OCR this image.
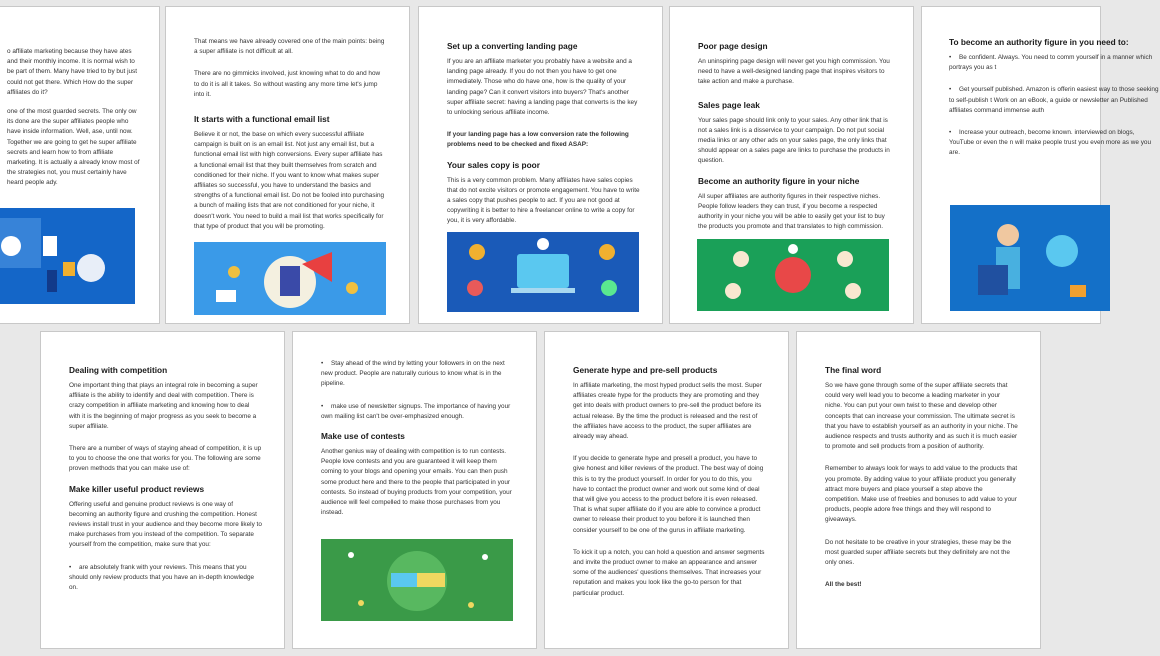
o affiliate marketing because they have ates and their monthly income. It is normal wish to be part of them. Many have tried to by but just could not get there. Which How do the super affiliates do it?

one of the most guarded secrets. The only ow its done are the super affiliates people who have inside information. Well, ase, until now. Together we are going to get he super affiliate secrets and learn how to from affiliate marketing. It is actually a already know most of the strategies not, you must certainly have heard people ady.

That means we have already covered one of the main points: being a super affiliate is not difficult at all.

There are no gimmicks involved, just knowing what to do and how to do it is all it takes. So without wasting any more time let's jump into it.

It starts with a functional email list

Believe it or not, the base on which every successful affiliate campaign is built on is an email list. Not just any email list, but a functional email list with high conversions. Every super affiliate has a functional email list that they built themselves from scratch and conditioned for their niche. If you want to know what makes super affiliates so successful, you have to understand the basics and strengths of a functional email list. Do not be fooled into purchasing a bunch of mailing lists that are not conditioned for your niche, it doesn't work. You need to build a mail list that works specifically for that type of product that you will be promoting.

Set up a converting landing page

If you are an affiliate marketer you probably have a website and a landing page already. If you do not then you have to get one immediately. Those who do have one, how is the quality of your landing page? Can it convert visitors into buyers? That's another super affiliate secret: having a landing page that converts is the key to unlocking serious affiliate income.

If your landing page has a low conversion rate the following problems need to be checked and fixed ASAP:

Your sales copy is poor

This is a very common problem. Many affiliates have sales copies that do not excite visitors or promote engagement. You have to write a sales copy that pushes people to act. If you are not good at copywriting it is better to hire a freelancer online to write a copy for you, it is very affordable.

Poor page design

An uninspiring page design will never get you high commission. You need to have a well-designed landing page that inspires visitors to take action and make a purchase.

Sales page leak

Your sales page should link only to your sales. Any other link that is not a sales link is a disservice to your campaign. Do not put social media links or any other ads on your sales page, the only links that should appear on a sales page are links to purchase the products in question.

Become an authority figure in your niche

All super affiliates are authority figures in their respective niches. People follow leaders they can trust, if you become a respected authority in your niche you will be able to easily get your list to buy the products you promote and that translates to high commission.

To become an authority figure in you need to:

• Be confident. Always. You need to comm yourself in a manner which portrays you as t

• Get yourself published. Amazon is offerin easiest way to those seeking to self-publish t Work on an eBook, a guide or newsletter an Published affiliates command immense auth

• Increase your outreach, become known. interviewed on blogs, YouTube or even the n will make people trust you even more as we you are.

Dealing with competition

One important thing that plays an integral role in becoming a super affiliate is the ability to identify and deal with competition. There is crazy competition in affiliate marketing and knowing how to deal with it is the beginning of major progress as you seek to become a super affiliate.

There are a number of ways of staying ahead of competition, it is up to you to choose the one that works for you. The following are some proven methods that you can make use of:

Make killer useful product reviews

Offering useful and genuine product reviews is one way of becoming an authority figure and crushing the competition. Honest reviews install trust in your audience and they become more likely to make purchases from you instead of the competition. To separate yourself from the competition, make sure that you:

• are absolutely frank with your reviews. This means that you should only review products that you have an in-depth knowledge on.

• Stay ahead of the wind by letting your followers in on the next new product. People are naturally curious to know what is in the pipeline.

• make use of newsletter signups. The importance of having your own mailing list can't be over-emphasized enough.

Make use of contests

Another genius way of dealing with competition is to run contests. People love contests and you are guaranteed it will keep them coming to your blogs and opening your emails. You can then push some product here and there to the people that participated in your contests. So instead of buying products from your competition, your audience will feel compelled to make those purchases from you instead.

Generate hype and pre-sell products

In affiliate marketing, the most hyped product sells the most. Super affiliates create hype for the products they are promoting and they get into deals with product owners to pre-sell the product before its actual release. By the time the product is released and the rest of the affiliates have access to the product, the super affiliates are already way ahead.

If you decide to generate hype and presell a product, you have to give honest and killer reviews of the product. The best way of doing this is to try the product yourself. In order for you to do this, you have to contact the product owner and work out some kind of deal that will give you access to the product before it is even released. That is what super affiliate do if you are able to convince a product owner to release their product to you before it is launched then consider yourself to be one of the gurus in affiliate marketing.

To kick it up a notch, you can hold a question and answer segments and invite the product owner to make an appearance and answer some of the audiences' questions themselves. That increases your reputation and makes you look like the go-to person for that particular product.

The final word

So we have gone through some of the super affiliate secrets that could very well lead you to become a leading marketer in your niche. You can put your own twist to these and develop other concepts that can increase your commission. The ultimate secret is that you have to establish yourself as an authority in your niche. The audience respects and trusts authority and as such it is much easier to promote and sell products from a position of authority.

Remember to always look for ways to add value to the products that you promote. By adding value to your affiliate product you generally attract more buyers and place yourself a step above the competition. Make use of freebies and bonuses to add value to your products, people adore free things and they will respond to giveaways.

Do not hesitate to be creative in your strategies, these may be the most guarded super affiliate secrets but they definitely are not the only ones.

All the best!
